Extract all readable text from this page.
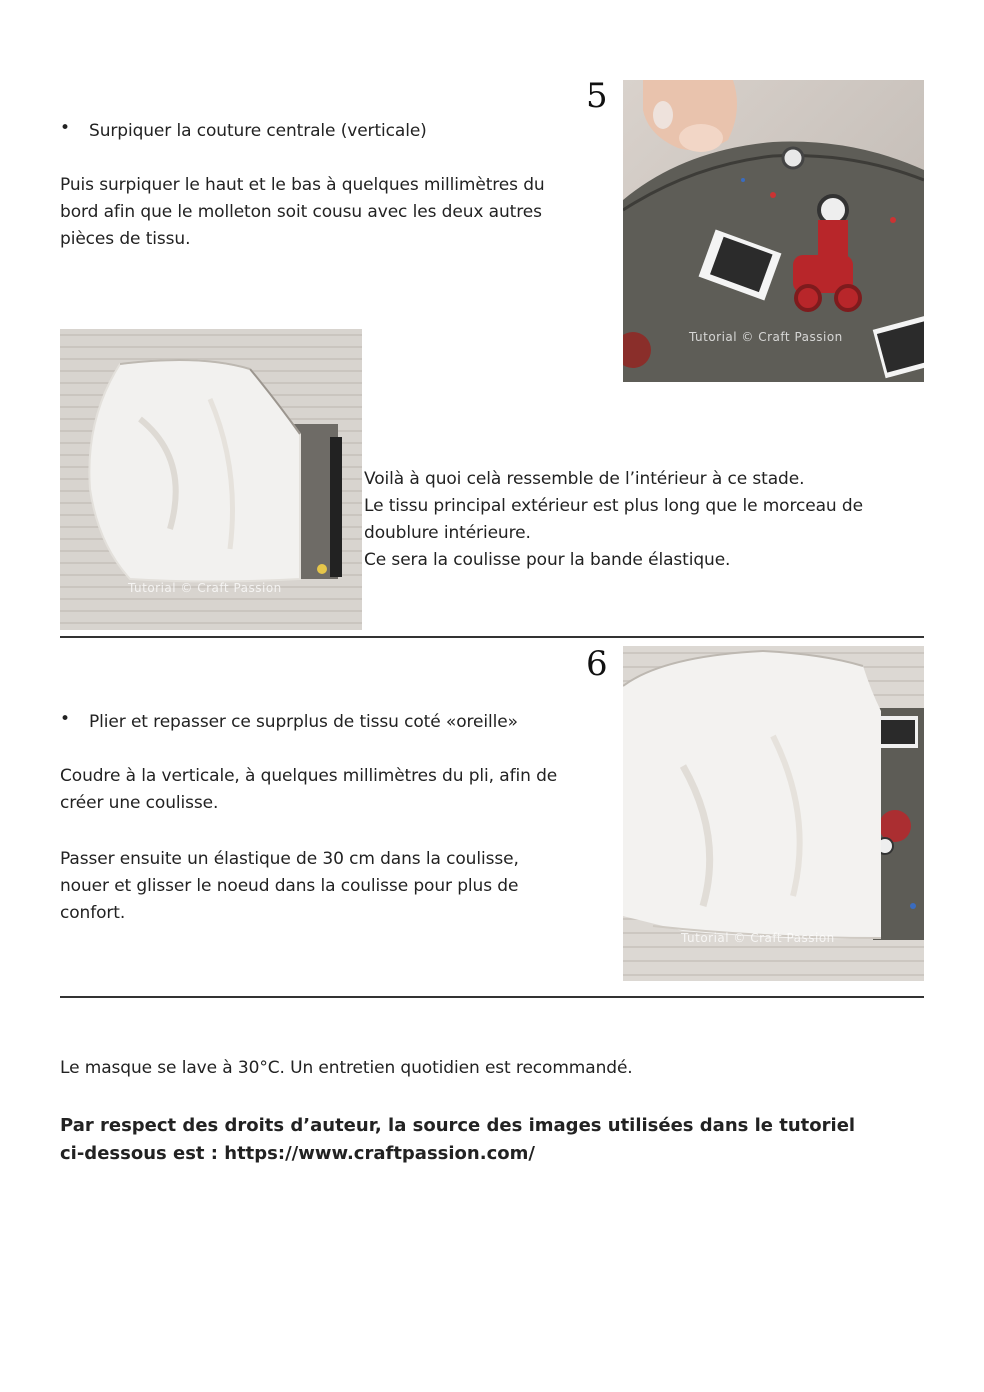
5
• Surpiquer la couture centrale (verticale)
Puis surpiquer le haut et le bas à quelques millimètres du
bord afin que le molleton soit cousu avec les deux autres
pièces de tissu.
Tutorial © Craft Passion
Tutorial © Craft Passion
Voilà à quoi celà ressemble de l’intérieur à ce stade.
Le tissu principal extérieur est plus long que le morceau de
doublure intérieure.
Ce sera la coulisse pour la bande élastique.
6
• Plier et repasser ce suprplus de tissu coté «oreille»
Coudre à la verticale, à quelques millimètres du pli, afin de
créer une coulisse.
Passer ensuite un élastique de 30 cm dans la coulisse,
nouer et glisser le noeud dans la coulisse pour plus de
confort.
Tutorial © Craft Passion
Le masque se lave à 30°C. Un entretien quotidien est recommandé.
Par respect des droits d’auteur, la source des images utilisées dans le tutoriel
ci-dessous est : https://www.craftpassion.com/
